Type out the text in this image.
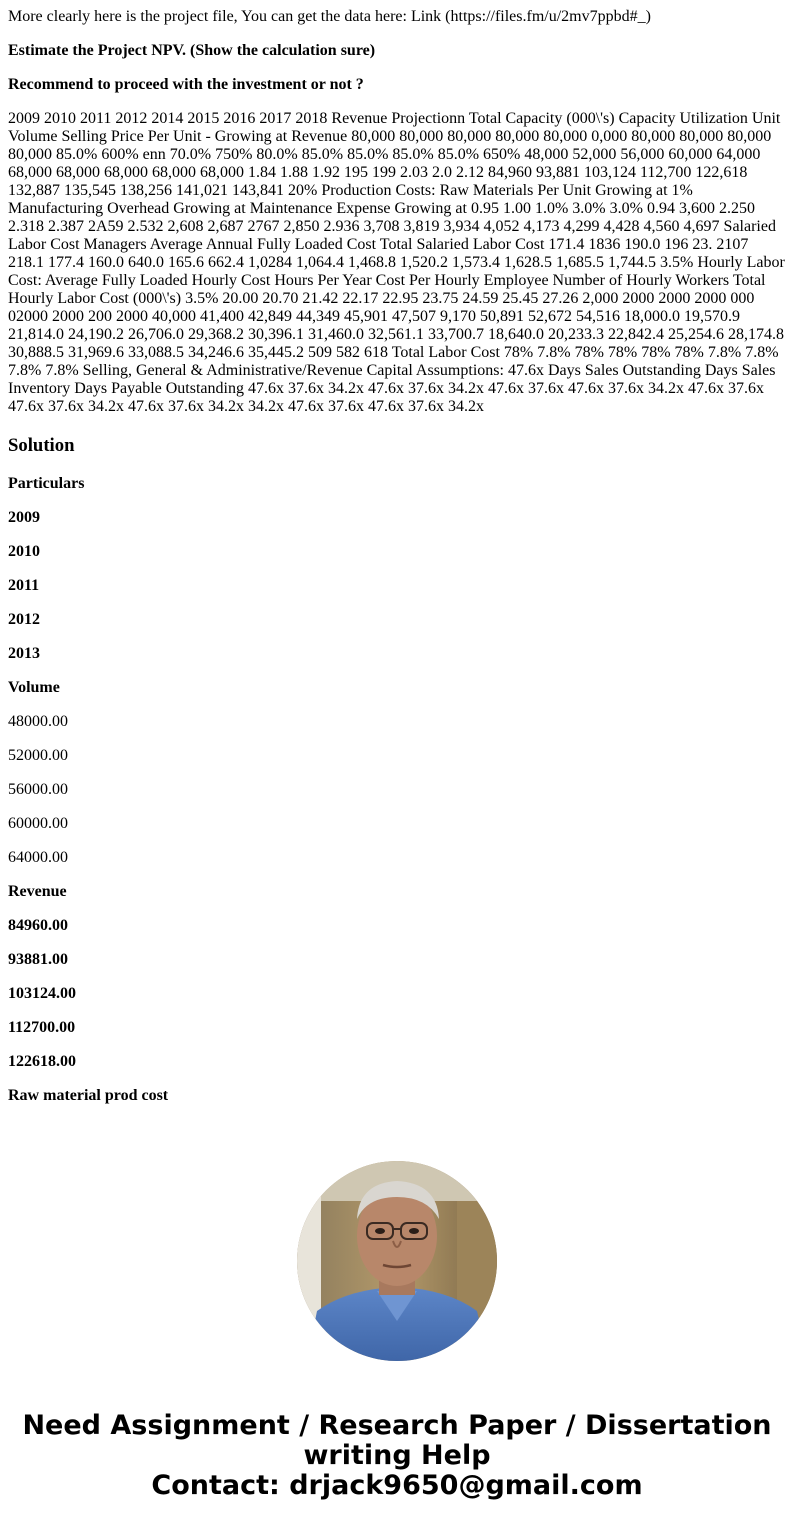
More clearly here is the project file, You can get the data here: Link (https://files.fm/u/2mv7ppbd#_)

Estimate the Project NPV. (Show the calculation sure)

Recommend to proceed with the investment or not ?

2009 2010 2011 2012 2014 2015 2016 2017 2018 Revenue Projectionn Total Capacity (000\'s) Capacity Utilization Unit Volume Selling Price Per Unit - Growing at Revenue 80,000 80,000 80,000 80,000 80,000 0,000 80,000 80,000 80,000 80,000 85.0% 600% enn 70.0% 750% 80.0% 85.0% 85.0% 85.0% 85.0% 650% 48,000 52,000 56,000 60,000 64,000 68,000 68,000 68,000 68,000 68,000 1.84 1.88 1.92 195 199 2.03 2.0 2.12 84,960 93,881 103,124 112,700 122,618 132,887 135,545 138,256 141,021 143,841 20% Production Costs: Raw Materials Per Unit Growing at 1% Manufacturing Overhead Growing at Maintenance Expense Growing at 0.95 1.00 1.0% 3.0% 3.0% 0.94 3,600 2.250 2.318 2.387 2A59 2.532 2,608 2,687 2767 2,850 2.936 3,708 3,819 3,934 4,052 4,173 4,299 4,428 4,560 4,697 Salaried Labor Cost Managers Average Annual Fully Loaded Cost Total Salaried Labor Cost 171.4 1836 190.0 196 23. 2107 218.1 177.4 160.0 640.0 165.6 662.4 1,0284 1,064.4 1,468.8 1,520.2 1,573.4 1,628.5 1,685.5 1,744.5 3.5% Hourly Labor Cost: Average Fully Loaded Hourly Cost Hours Per Year Cost Per Hourly Employee Number of Hourly Workers Total Hourly Labor Cost (000\'s) 3.5% 20.00 20.70 21.42 22.17 22.95 23.75 24.59 25.45 27.26 2,000 2000 2000 2000 000 02000 2000 200 2000 40,000 41,400 42,849 44,349 45,901 47,507 9,170 50,891 52,672 54,516 18,000.0 19,570.9 21,814.0 24,190.2 26,706.0 29,368.2 30,396.1 31,460.0 32,561.1 33,700.7 18,640.0 20,233.3 22,842.4 25,254.6 28,174.8 30,888.5 31,969.6 33,088.5 34,246.6 35,445.2 509 582 618 Total Labor Cost 78% 7.8% 78% 78% 78% 78% 7.8% 7.8% 7.8% 7.8% Selling, General & Administrative/Revenue Capital Assumptions: 47.6x Days Sales Outstanding Days Sales Inventory Days Payable Outstanding 47.6x 37.6x 34.2x 47.6x 37.6x 34.2x 47.6x 37.6x 47.6x 37.6x 34.2x 47.6x 37.6x 47.6x 37.6x 34.2x 47.6x 37.6x 34.2x 34.2x 47.6x 37.6x 47.6x 37.6x 34.2x

Solution

Particulars

2009

2010

2011

2012

2013

Volume

48000.00

52000.00

56000.00

60000.00

64000.00

Revenue

84960.00

93881.00

103124.00

112700.00

122618.00

Raw material prod cost

Need Assignment / Research Paper / Dissertation
writing Help
Contact: drjack9650@gmail.com
